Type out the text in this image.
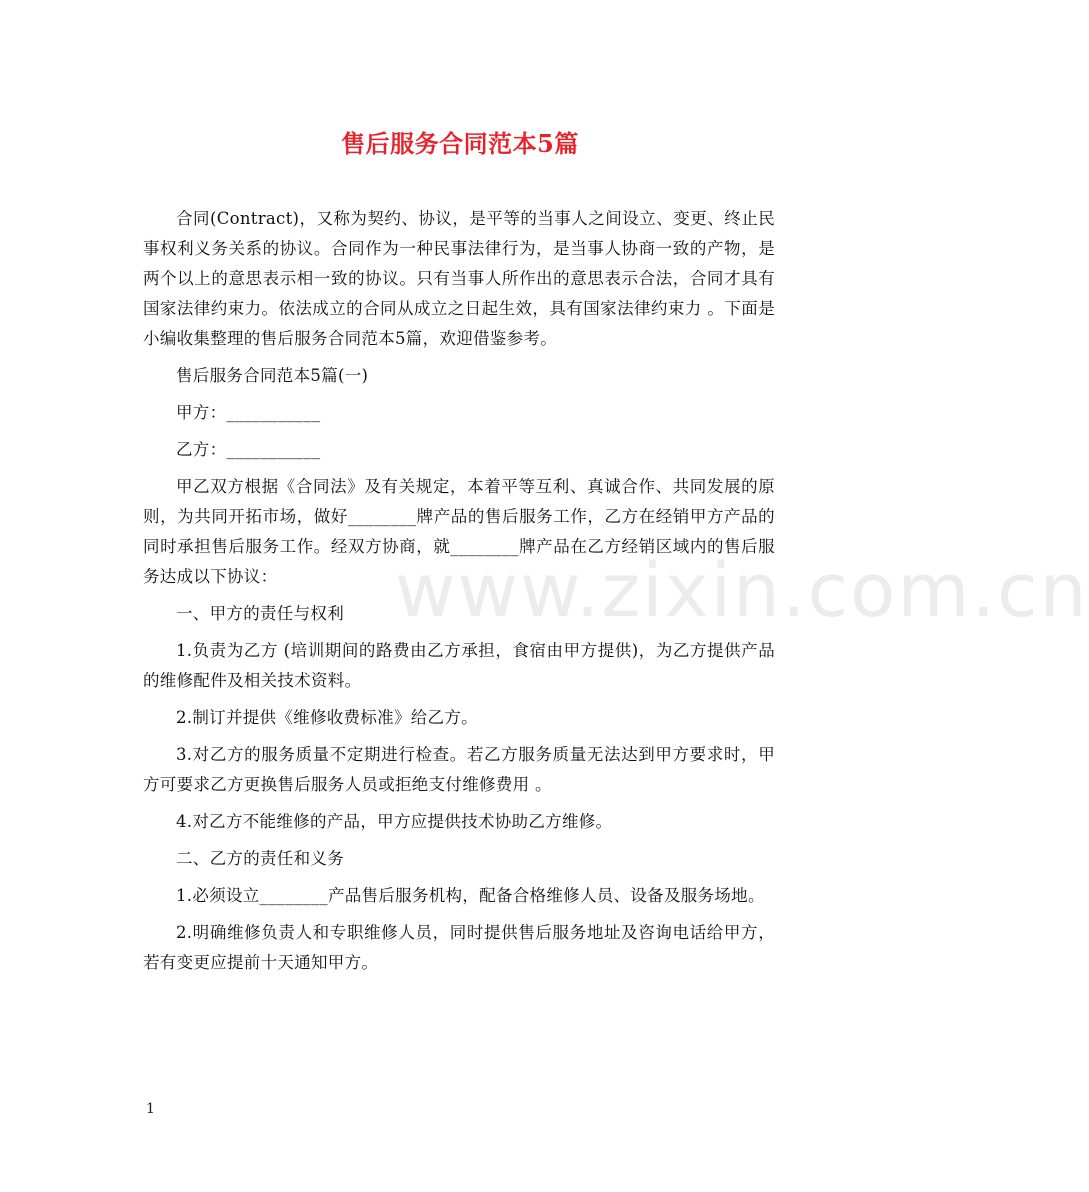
售后服务合同范本5篇

合同(Contract)，又称为契约、协议，是平等的当事人之间设立、变更、终止民事权利义务关系的协议。合同作为一种民事法律行为，是当事人协商一致的产物，是两个以上的意思表示相一致的协议。只有当事人所作出的意思表示合法，合同才具有国家法律约束力。依法成立的合同从成立之日起生效，具有国家法律约束力 。下面是小编收集整理的售后服务合同范本5篇，欢迎借鉴参考。

售后服务合同范本5篇(一)

甲方：___________

乙方：___________

甲乙双方根据《合同法》及有关规定，本着平等互利、真诚合作、共同发展的原则，为共同开拓市场，做好________牌产品的售后服务工作，乙方在经销甲方产品的同时承担售后服务工作。经双方协商，就________牌产品在乙方经销区域内的售后服务达成以下协议：

一、甲方的责任与权利

1.负责为乙方 (培训期间的路费由乙方承担，食宿由甲方提供)，为乙方提供产品的维修配件及相关技术资料。

2.制订并提供《维修收费标准》给乙方。

3.对乙方的服务质量不定期进行检查。若乙方服务质量无法达到甲方要求时，甲方可要求乙方更换售后服务人员或拒绝支付维修费用 。

4.对乙方不能维修的产品，甲方应提供技术协助乙方维修。

二、乙方的责任和义务

1.必须设立________产品售后服务机构，配备合格维修人员、设备及服务场地。

2.明确维修负责人和专职维修人员，同时提供售后服务地址及咨询电话给甲方，若有变更应提前十天通知甲方。

www.zixin.com.cn
1
